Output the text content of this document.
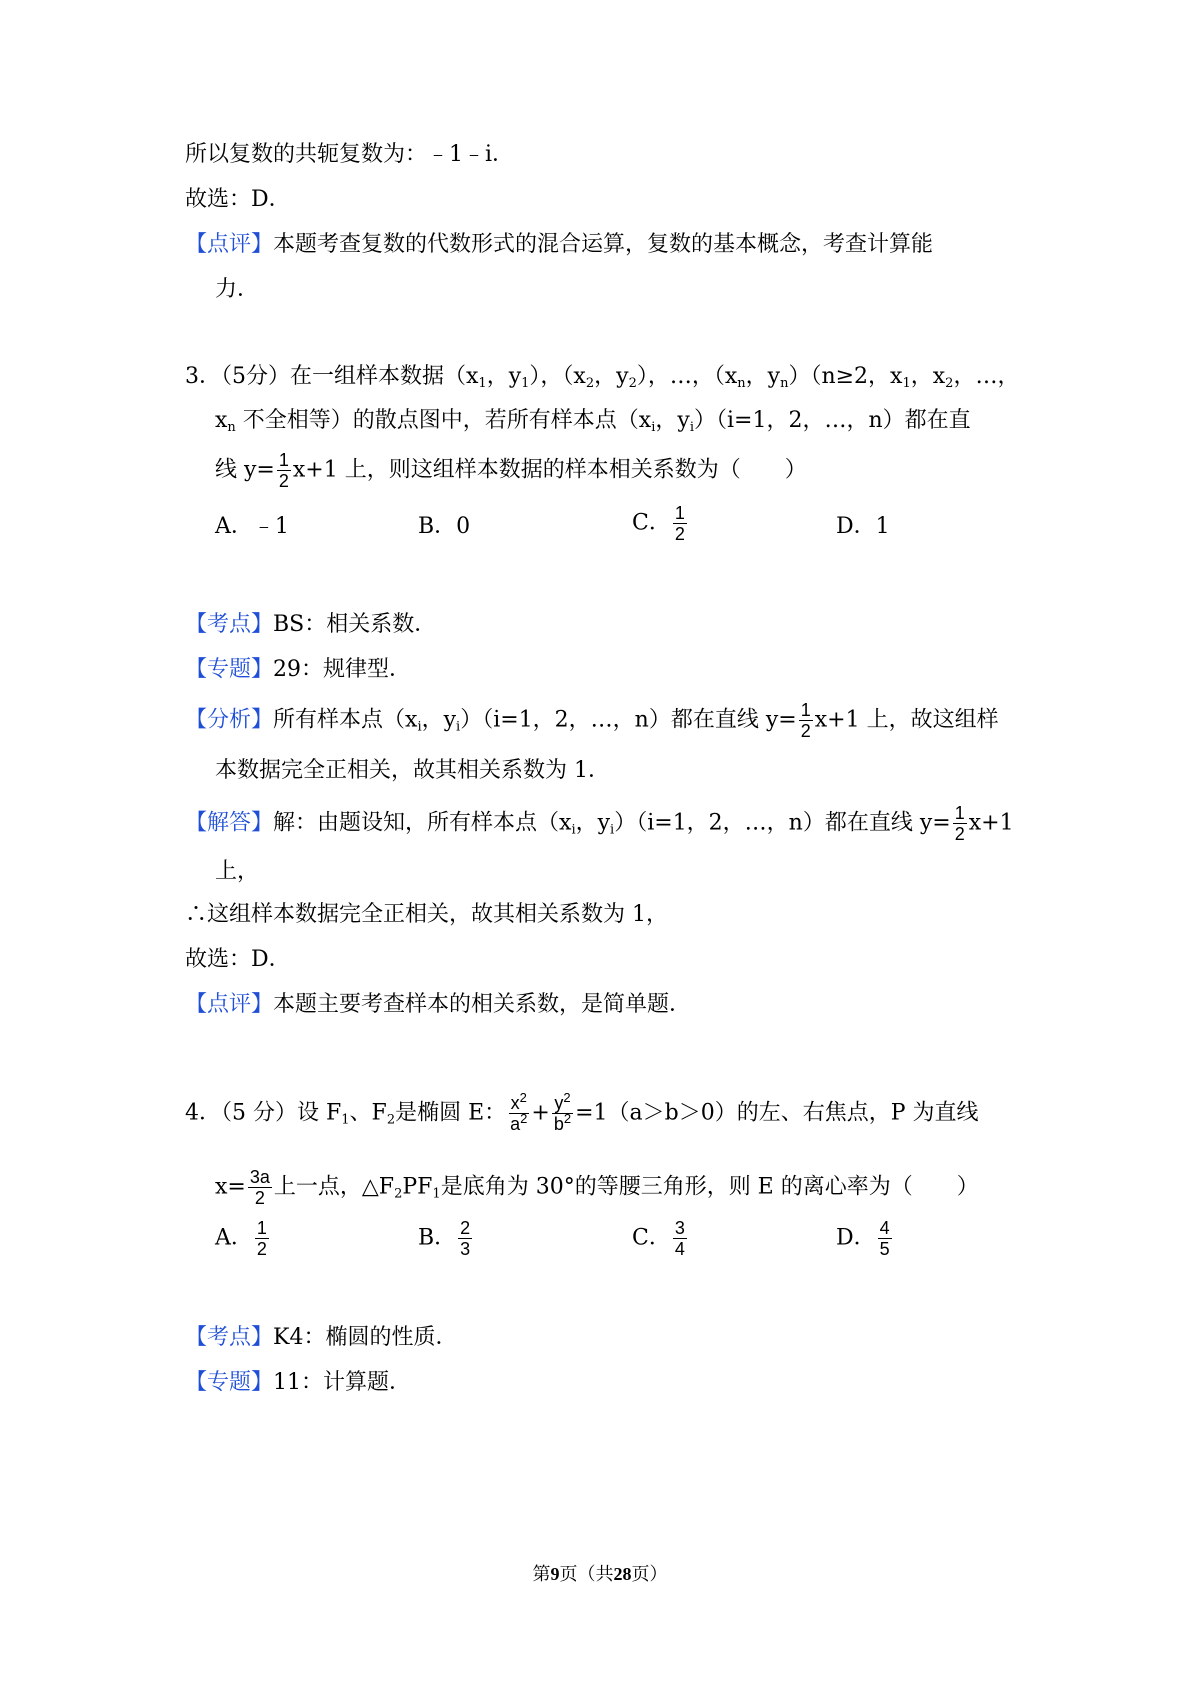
所以复数的共轭复数为：﹣1﹣i．
故选：D．
【点评】本题考查复数的代数形式的混合运算，复数的基本概念，考查计算能
力．
3．（5分）在一组样本数据（$x_1$，$y_1$），（$x_2$，$y_2$），…，（$x_n$，$y_n)(n\ge 2$，$x_1$，$x_2$，…，
$x_n$ 不全相等）的散点图中，若所有样本点（$x_i$，$y_i)(i=1$，2，…，n）都在直
线 $y= \frac{1}{2} x+1$ 上，则这组样本数据的样本相关系数为（　　）
A．﹣1	B．0	C． $\frac{1}{2}$	D．1
【考点】BS：相关系数．
【专题】29：规律型．
【分析】所有样本点（$x_i$，$y_i)(i=1$，2，…，n）都在直线 $y= \frac{1}{2} x+1$ 上，故这组样
本数据完全正相关，故其相关系数为 1．
【解答】解：由题设知，所有样本点（$x_i$，$y_i)(i=1$，2，…，n）都在直线 $y= \frac{1}{2} x+1$
上，
∴这组样本数据完全正相关，故其相关系数为 1，
故选：D．
【点评】本题主要考查样本的相关系数，是简单题．
4．（5 分）设 $F_1$、$F_2$是椭圆 E： $\frac{x^2}{a^2} + \frac{y^2}{b^2} =1(a>b>0)$的左、右焦点，P 为直线
$x= \frac{3a}{2}$ 上一点，$\triangle F_2PF_1$是底角为 30°的等腰三角形，则 E 的离心率为（　　）
A． $\frac{1}{2}$	B． $\frac{2}{3}$	C． $\frac{3}{4}$	D． $\frac{4}{5}$
【考点】K4：椭圆的性质．
【专题】11：计算题．
第9页（共28页）
